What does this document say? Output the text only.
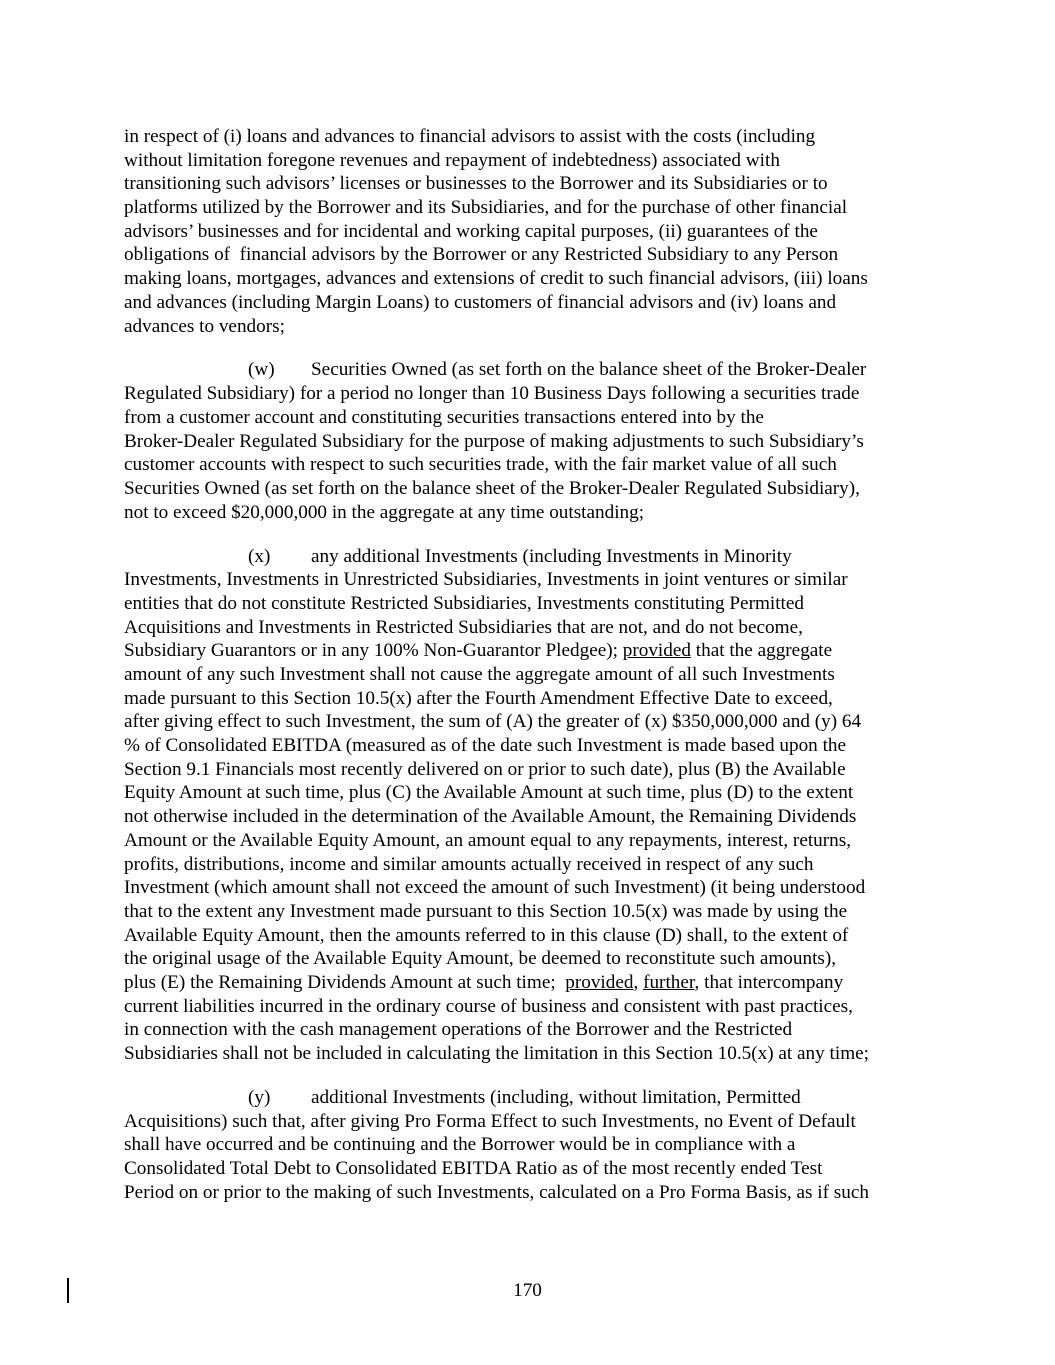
in respect of (i) loans and advances to financial advisors to assist with the costs (including
without limitation foregone revenues and repayment of indebtedness) associated with
transitioning such advisors’ licenses or businesses to the Borrower and its Subsidiaries or to
platforms utilized by the Borrower and its Subsidiaries, and for the purchase of other financial
advisors’ businesses and for incidental and working capital purposes, (ii) guarantees of the
obligations of  financial advisors by the Borrower or any Restricted Subsidiary to any Person
making loans, mortgages, advances and extensions of credit to such financial advisors, (iii) loans
and advances (including Margin Loans) to customers of financial advisors and (iv) loans and
advances to vendors;
(w) Securities Owned (as set forth on the balance sheet of the Broker-Dealer
Regulated Subsidiary) for a period no longer than 10 Business Days following a securities trade
from a customer account and constituting securities transactions entered into by the
Broker-Dealer Regulated Subsidiary for the purpose of making adjustments to such Subsidiary’s
customer accounts with respect to such securities trade, with the fair market value of all such
Securities Owned (as set forth on the balance sheet of the Broker-Dealer Regulated Subsidiary),
not to exceed $20,000,000 in the aggregate at any time outstanding;
(x) any additional Investments (including Investments in Minority
Investments, Investments in Unrestricted Subsidiaries, Investments in joint ventures or similar
entities that do not constitute Restricted Subsidiaries, Investments constituting Permitted
Acquisitions and Investments in Restricted Subsidiaries that are not, and do not become,
Subsidiary Guarantors or in any 100% Non-Guarantor Pledgee); provided that the aggregate
amount of any such Investment shall not cause the aggregate amount of all such Investments
made pursuant to this Section 10.5(x) after the Fourth Amendment Effective Date to exceed,
after giving effect to such Investment, the sum of (A) the greater of (x) $350,000,000 and (y) 64
% of Consolidated EBITDA (measured as of the date such Investment is made based upon the
Section 9.1 Financials most recently delivered on or prior to such date), plus (B) the Available
Equity Amount at such time, plus (C) the Available Amount at such time, plus (D) to the extent
not otherwise included in the determination of the Available Amount, the Remaining Dividends
Amount or the Available Equity Amount, an amount equal to any repayments, interest, returns,
profits, distributions, income and similar amounts actually received in respect of any such
Investment (which amount shall not exceed the amount of such Investment) (it being understood
that to the extent any Investment made pursuant to this Section 10.5(x) was made by using the
Available Equity Amount, then the amounts referred to in this clause (D) shall, to the extent of
the original usage of the Available Equity Amount, be deemed to reconstitute such amounts),
plus (E) the Remaining Dividends Amount at such time;  provided, further, that intercompany
current liabilities incurred in the ordinary course of business and consistent with past practices,
in connection with the cash management operations of the Borrower and the Restricted
Subsidiaries shall not be included in calculating the limitation in this Section 10.5(x) at any time;
(y) additional Investments (including, without limitation, Permitted
Acquisitions) such that, after giving Pro Forma Effect to such Investments, no Event of Default
shall have occurred and be continuing and the Borrower would be in compliance with a
Consolidated Total Debt to Consolidated EBITDA Ratio as of the most recently ended Test
Period on or prior to the making of such Investments, calculated on a Pro Forma Basis, as if such
170
